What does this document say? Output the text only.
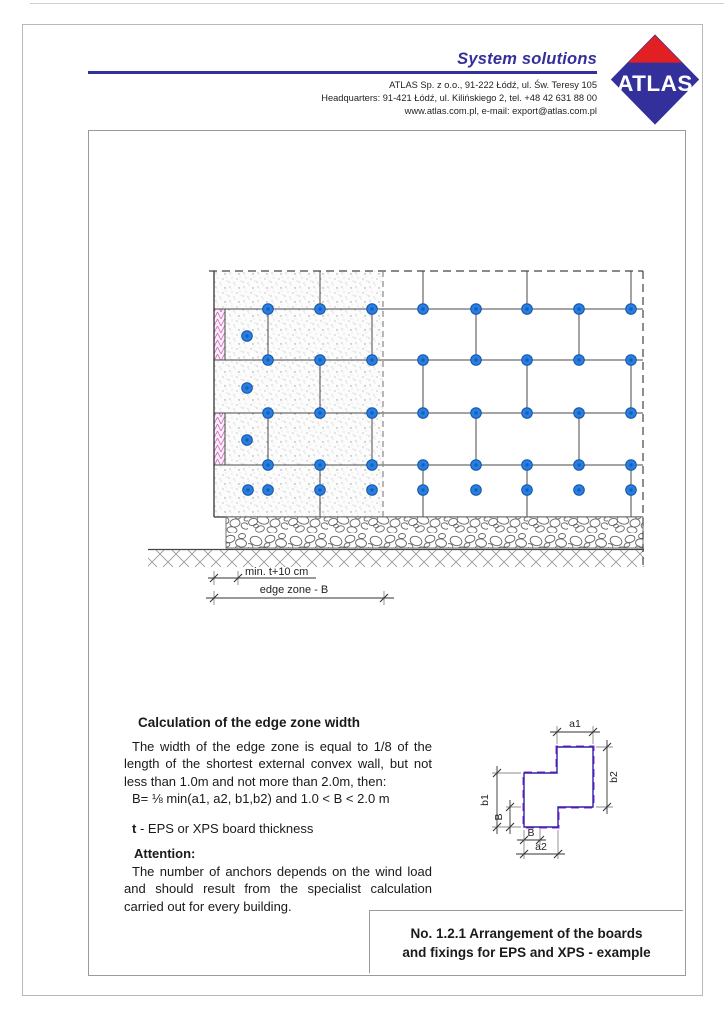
System solutions
ATLAS Sp. z o.o., 91-222 Łódź, ul. Św. Teresy 105
Headquarters: 91-421 Łódź, ul. Kilińskiego 2, tel. +48 42 631 88 00
www.atlas.com.pl, e-mail: export@atlas.com.pl
ATLAS
min. t+10 cm
edge zone - B
Calculation of the edge zone width
The width of the edge zone is equal to 1/8 of the
length of the shortest external convex wall, but not
less than 1.0m and not more than 2.0m, then:
B= ⅛ min(a1, a2, b1,b2) and 1.0 < B < 2.0 m
t - EPS or XPS board thickness
Attention:
The number of anchors depends on the wind load
and should result from the specialist calculation
carried out for every building.
a1
b2
b1
B
B
a2
No. 1.2.1 Arrangement of the boards
and fixings for EPS and XPS - example
